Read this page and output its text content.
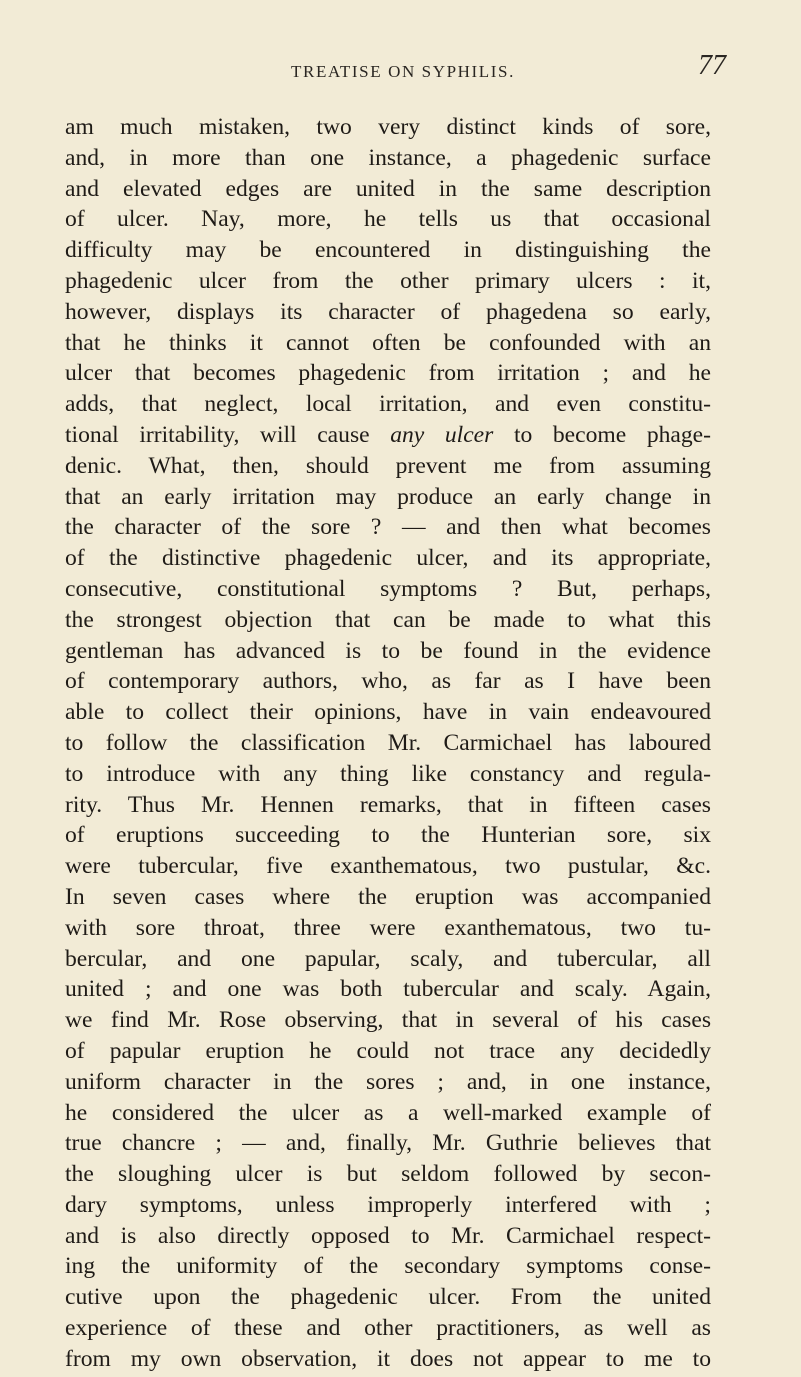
TREATISE ON SYPHILIS.	77
am much mistaken, two very distinct kinds of sore,
and, in more than one instance, a phagedenic surface
and elevated edges are united in the same description
of ulcer. Nay, more, he tells us that occasional
difficulty may be encountered in distinguishing the
phagedenic ulcer from the other primary ulcers : it,
however, displays its character of phagedena so early,
that he thinks it cannot often be confounded with an
ulcer that becomes phagedenic from irritation ; and he
adds, that neglect, local irritation, and even constitu-
tional irritability, will cause any ulcer to become phage-
denic. What, then, should prevent me from assuming
that an early irritation may produce an early change in
the character of the sore ? — and then what becomes
of the distinctive phagedenic ulcer, and its appropriate,
consecutive, constitutional symptoms ? But, perhaps,
the strongest objection that can be made to what this
gentleman has advanced is to be found in the evidence
of contemporary authors, who, as far as I have been
able to collect their opinions, have in vain endeavoured
to follow the classification Mr. Carmichael has laboured
to introduce with any thing like constancy and regula-
rity. Thus Mr. Hennen remarks, that in fifteen cases
of eruptions succeeding to the Hunterian sore, six
were tubercular, five exanthematous, two pustular, &c.
In seven cases where the eruption was accompanied
with sore throat, three were exanthematous, two tu-
bercular, and one papular, scaly, and tubercular, all
united ; and one was both tubercular and scaly. Again,
we find Mr. Rose observing, that in several of his cases
of papular eruption he could not trace any decidedly
uniform character in the sores ; and, in one instance,
he considered the ulcer as a well-marked example of
true chancre ; — and, finally, Mr. Guthrie believes that
the sloughing ulcer is but seldom followed by secon-
dary symptoms, unless improperly interfered with ;
and is also directly opposed to Mr. Carmichael respect-
ing the uniformity of the secondary symptoms conse-
cutive upon the phagedenic ulcer. From the united
experience of these and other practitioners, as well as
from my own observation, it does not appear to me to
